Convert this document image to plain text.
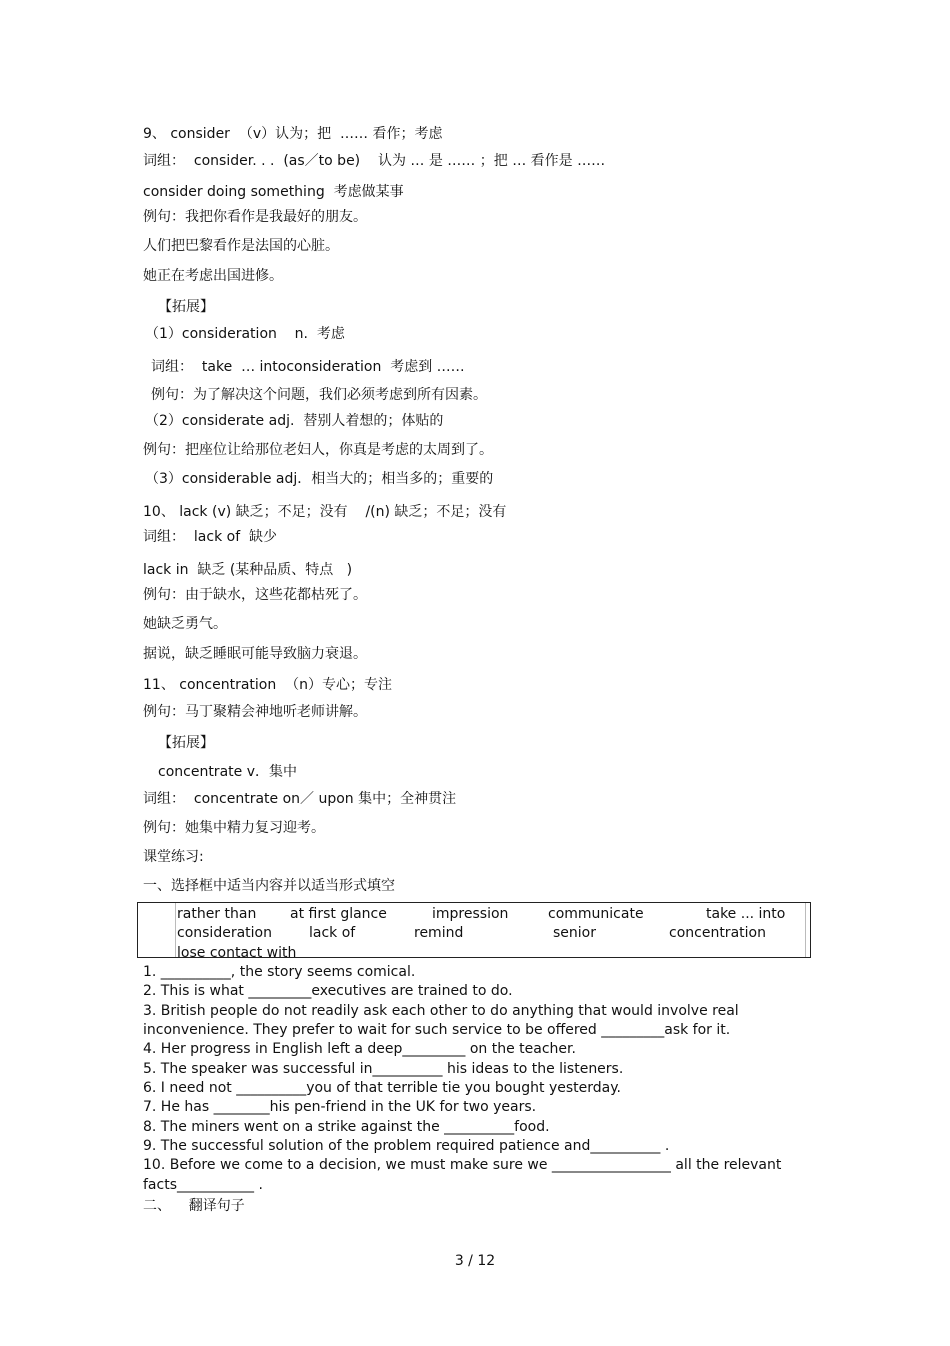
9、 consider  （v）认为；把  …… 看作；考虑

词组：  consider. . .  (as／to be)    认为 … 是 …… ；把 … 看作是 ……

consider doing something  考虑做某事

例句：我把你看作是我最好的朋友。

人们把巴黎看作是法国的心脏。

她正在考虑出国进修。

【拓展】

（1）consideration    n.  考虑

词组：  take  … intoconsideration  考虑到 ……

例句：为了解决这个问题，我们必须考虑到所有因素。

（2）considerate adj.  替别人着想的；体贴的

例句：把座位让给那位老妇人，你真是考虑的太周到了。

（3）considerable adj．相当大的；相当多的；重要的

10、 lack (v) 缺乏；不足；没有    /(n) 缺乏；不足；没有

词组：  lack of  缺少

lack in  缺乏 (某种品质、特点   )

例句：由于缺水，这些花都枯死了。

她缺乏勇气。

据说，缺乏睡眠可能导致脑力衰退。

11、 concentration  （n）专心；专注

例句：马丁聚精会神地听老师讲解。

【拓展】

concentrate v．集中

词组：  concentrate on／ upon 集中；全神贯注

例句：她集中精力复习迎考。

课堂练习:

一、选择框中适当内容并以适当形式填空

rather than at first glance	impression	communicate	take ... into
consideration	lack of	remind	senior	concentration
lose contact with

1. __________, the story seems comical.

2. This is what _________executives are trained to do.

3. British people do not readily ask each other to do anything that would involve real

inconvenience. They prefer to wait for such service to be offered _________ask for it.

4. Her progress in English left a deep_________ on the teacher.

5. The speaker was successful in__________ his ideas to the listeners.

6. I need not __________you of that terrible tie you bought yesterday.

7. He has ________his pen-friend in the UK for two years.

8. The miners went on a strike against the __________food.

9. The successful solution of the problem required patience and__________ .

10. Before we come to a decision, we must make sure we _________________ all the relevant

facts___________ .

二、    翻译句子

3 / 12
